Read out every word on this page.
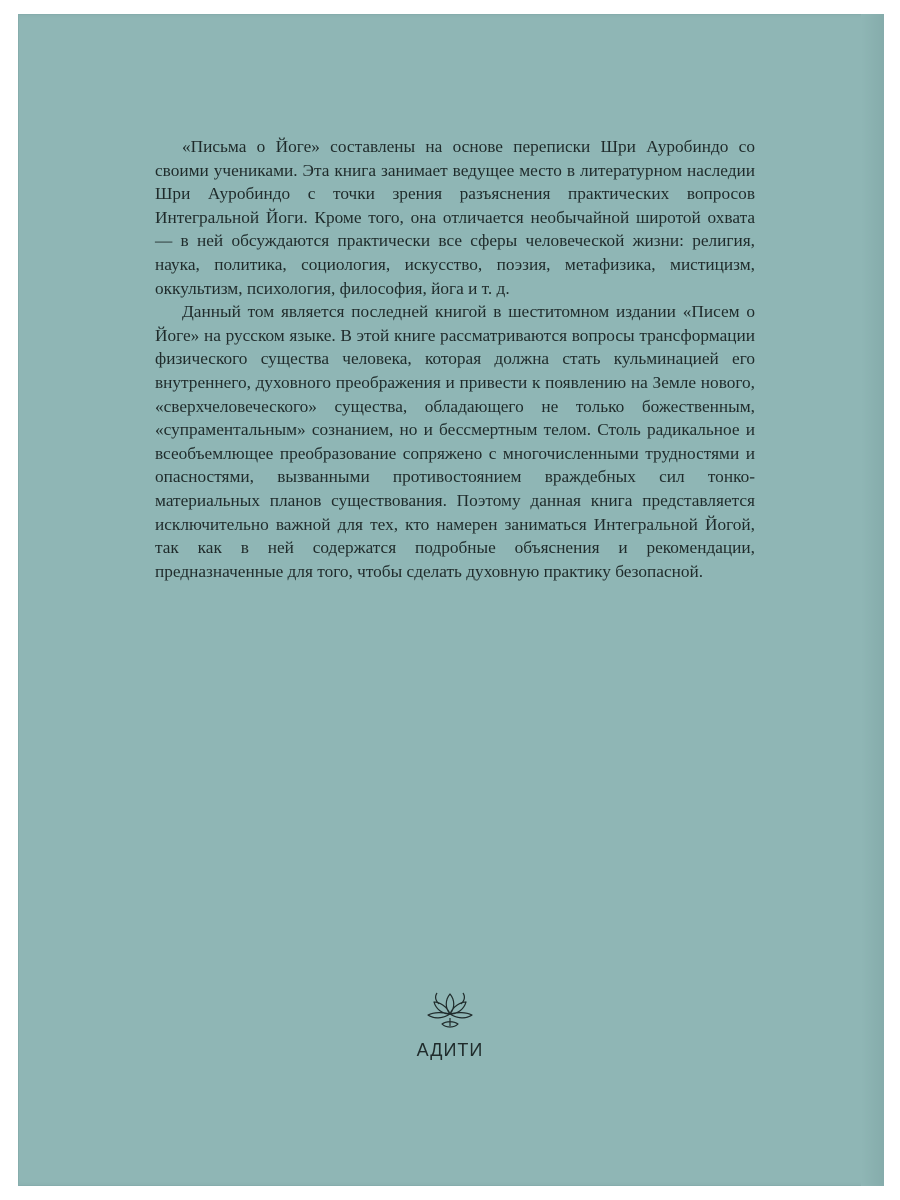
«Письма о Йоге» составлены на основе переписки Шри Ауробиндо со своими учениками. Эта книга занимает ведущее место в литературном наследии Шри Ауробиндо с точки зрения разъяснения практических вопросов Интегральной Йоги. Кроме того, она отличается необычайной широтой охвата — в ней обсуждаются практически все сферы человеческой жизни: религия, наука, политика, социология, искусство, поэзия, метафизика, мистицизм, оккультизм, психология, философия, йога и т. д.

Данный том является последней книгой в шеститомном издании «Писем о Йоге» на русском языке. В этой книге рассматриваются вопросы трансформации физического существа человека, которая должна стать кульминацией его внутреннего, духовного преображения и привести к появлению на Земле нового, «сверхчеловеческого» существа, обладающего не только божественным, «супраментальным» сознанием, но и бессмертным телом. Столь радикальное и всеобъемлющее преобразование сопряжено с многочисленными трудностями и опасностями, вызванными противостоянием враждебных сил тонкоматериальных планов существования. Поэтому данная книга представляется исключительно важной для тех, кто намерен заниматься Интегральной Йогой, так как в ней содержатся подробные объяснения и рекомендации, предназначенные для того, чтобы сделать духовную практику безопасной.

АДИТИ
